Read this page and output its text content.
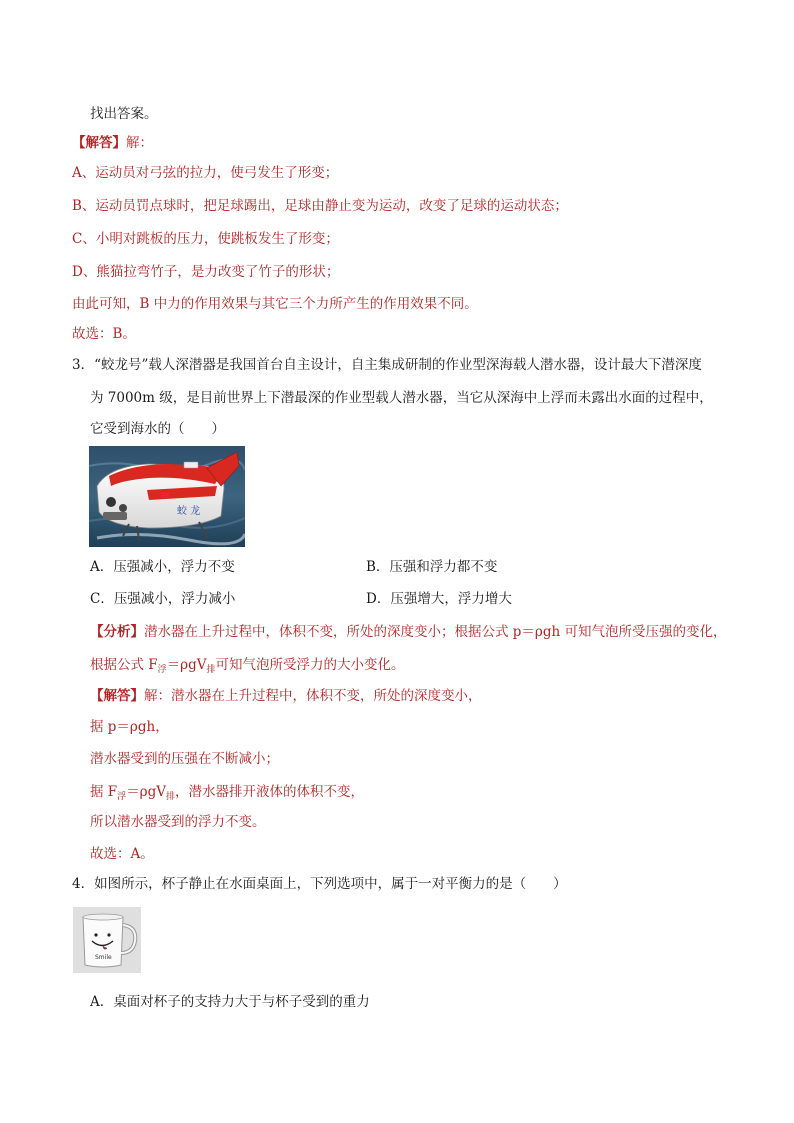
找出答案。
【解答】解：
A、运动员对弓弦的拉力，使弓发生了形变；
B、运动员罚点球时，把足球踢出，足球由静止变为运动，改变了足球的运动状态；
C、小明对跳板的压力，使跳板发生了形变；
D、熊猫拉弯竹子，是力改变了竹子的形状；
由此可知，B 中力的作用效果与其它三个力所产生的作用效果不同。
故选：B。
3．“蛟龙号”载人深潜器是我国首台自主设计，自主集成研制的作业型深海载人潜水器，设计最大下潜深度
为 7000m 级，是目前世界上下潜最深的作业型载人潜水器，当它从深海中上浮而未露出水面的过程中，
它受到海水的（　　）
蛟 龙
A．压强减小，浮力不变	B．压强和浮力都不变
C．压强减小，浮力减小	D．压强增大，浮力增大
【分析】潜水器在上升过程中，体积不变，所处的深度变小；根据公式 p＝ρgh 可知气泡所受压强的变化，
根据公式 $F_浮=\rho gV_排$可知气泡所受浮力的大小变化。
【解答】解：潜水器在上升过程中，体积不变，所处的深度变小，
据 p＝ρgh，
潜水器受到的压强在不断减小；
据 $F_浮=\rho gV_排$，潜水器排开液体的体积不变，
所以潜水器受到的浮力不变。
故选：A。
4．如图所示，杯子静止在水面桌面上，下列选项中，属于一对平衡力的是（　　）
Smile
A．桌面对杯子的支持力大于与杯子受到的重力
